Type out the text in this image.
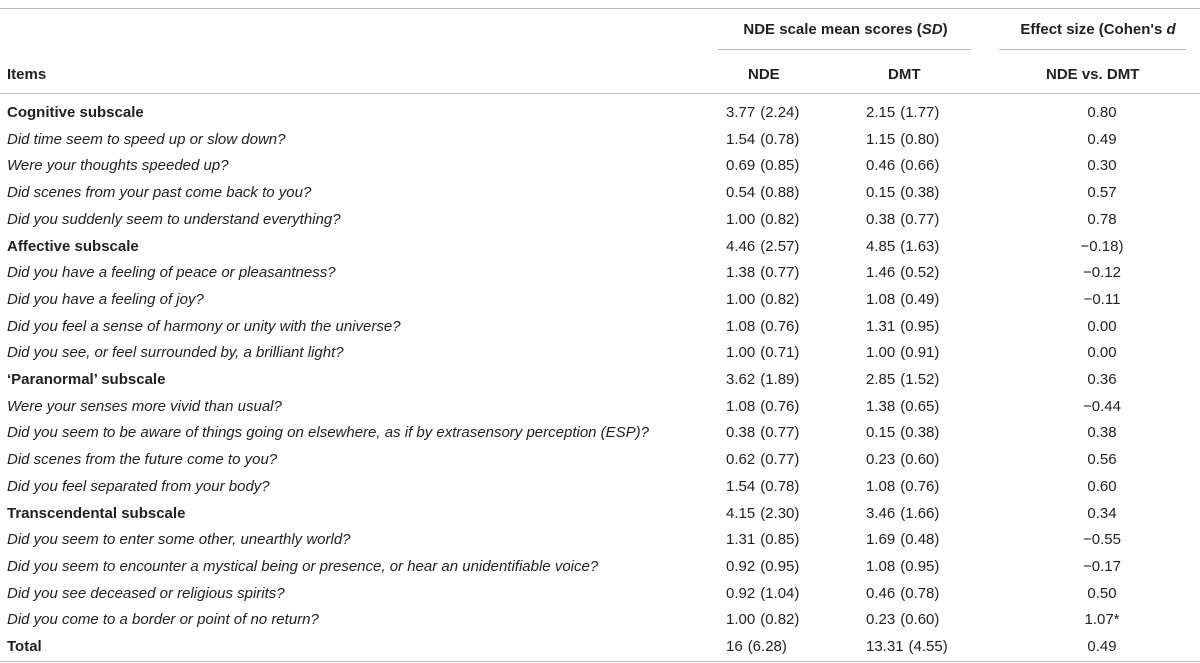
NDE scale mean scores (SD)	Effect size (Cohen's d
Items	NDE	DMT	NDE vs. DMT
Cognitive subscale	3.77 (2.24)	2.15 (1.77)	0.80
Did time seem to speed up or slow down?	1.54 (0.78)	1.15 (0.80)	0.49
Were your thoughts speeded up?	0.69 (0.85)	0.46 (0.66)	0.30
Did scenes from your past come back to you?	0.54 (0.88)	0.15 (0.38)	0.57
Did you suddenly seem to understand everything?	1.00 (0.82)	0.38 (0.77)	0.78
Affective subscale	4.46 (2.57)	4.85 (1.63)	−0.18)
Did you have a feeling of peace or pleasantness?	1.38 (0.77)	1.46 (0.52)	−0.12
Did you have a feeling of joy?	1.00 (0.82)	1.08 (0.49)	−0.11
Did you feel a sense of harmony or unity with the universe?	1.08 (0.76)	1.31 (0.95)	0.00
Did you see, or feel surrounded by, a brilliant light?	1.00 (0.71)	1.00 (0.91)	0.00
‘Paranormal’ subscale	3.62 (1.89)	2.85 (1.52)	0.36
Were your senses more vivid than usual?	1.08 (0.76)	1.38 (0.65)	−0.44
Did you seem to be aware of things going on elsewhere, as if by extrasensory perception (ESP)?	0.38 (0.77)	0.15 (0.38)	0.38
Did scenes from the future come to you?	0.62 (0.77)	0.23 (0.60)	0.56
Did you feel separated from your body?	1.54 (0.78)	1.08 (0.76)	0.60
Transcendental subscale	4.15 (2.30)	3.46 (1.66)	0.34
Did you seem to enter some other, unearthly world?	1.31 (0.85)	1.69 (0.48)	−0.55
Did you seem to encounter a mystical being or presence, or hear an unidentifiable voice?	0.92 (0.95)	1.08 (0.95)	−0.17
Did you see deceased or religious spirits?	0.92 (1.04)	0.46 (0.78)	0.50
Did you come to a border or point of no return?	1.00 (0.82)	0.23 (0.60)	1.07*
Total	16 (6.28)	13.31 (4.55)	0.49
